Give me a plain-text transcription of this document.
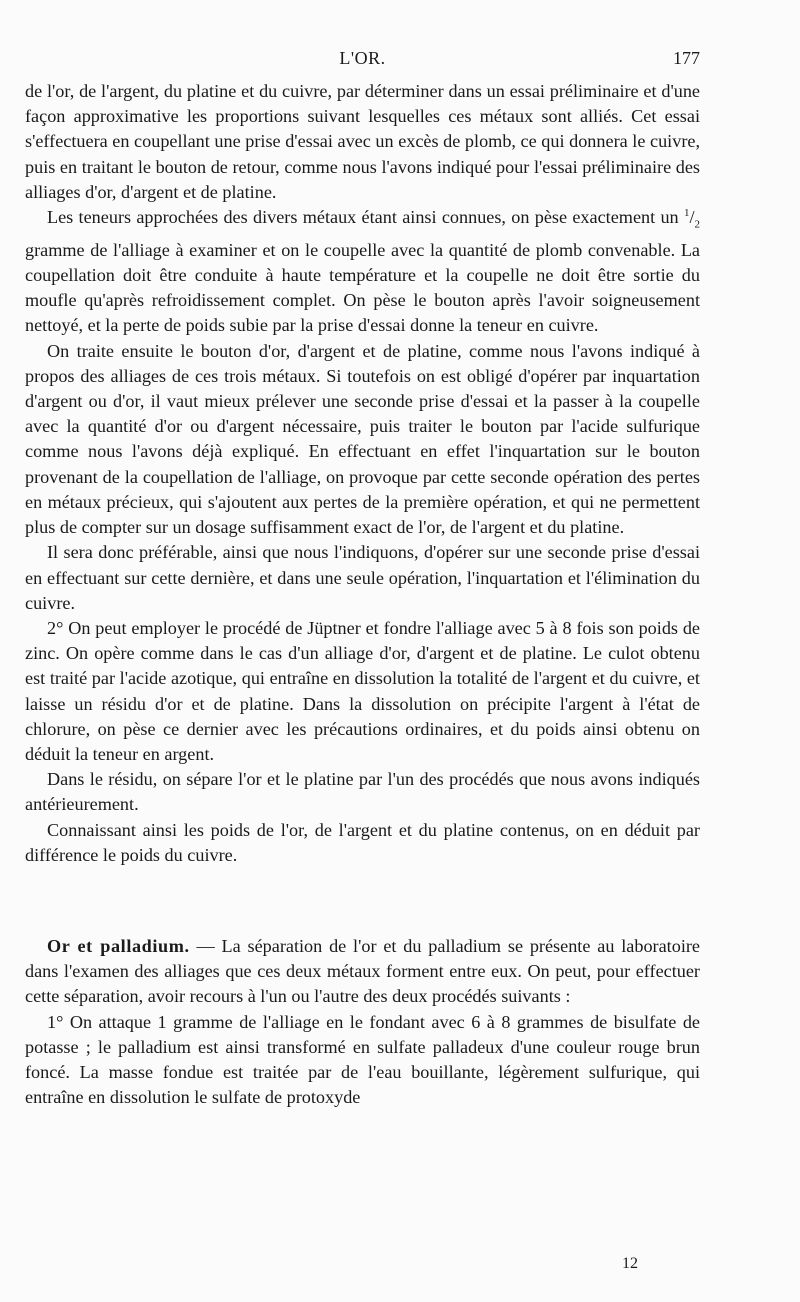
L'OR.	177

de l'or, de l'argent, du platine et du cuivre, par déterminer dans un essai préliminaire et d'une façon approximative les proportions suivant lesquelles ces métaux sont alliés. Cet essai s'effectuera en coupellant une prise d'essai avec un excès de plomb, ce qui donnera le cuivre, puis en traitant le bouton de retour, comme nous l'avons indiqué pour l'essai préliminaire des alliages d'or, d'argent et de platine.

Les teneurs approchées des divers métaux étant ainsi connues, on pèse exactement un $^1/_2$ gramme de l'alliage à examiner et on le coupelle avec la quantité de plomb convenable. La coupellation doit être conduite à haute température et la coupelle ne doit être sortie du moufle qu'après refroidissement complet. On pèse le bouton après l'avoir soigneusement nettoyé, et la perte de poids subie par la prise d'essai donne la teneur en cuivre.

On traite ensuite le bouton d'or, d'argent et de platine, comme nous l'avons indiqué à propos des alliages de ces trois métaux. Si toutefois on est obligé d'opérer par inquartation d'argent ou d'or, il vaut mieux prélever une seconde prise d'essai et la passer à la coupelle avec la quantité d'or ou d'argent nécessaire, puis traiter le bouton par l'acide sulfurique comme nous l'avons déjà expliqué. En effectuant en effet l'inquartation sur le bouton provenant de la coupellation de l'alliage, on provoque par cette seconde opération des pertes en métaux précieux, qui s'ajoutent aux pertes de la première opération, et qui ne permettent plus de compter sur un dosage suffisamment exact de l'or, de l'argent et du platine.

Il sera donc préférable, ainsi que nous l'indiquons, d'opérer sur une seconde prise d'essai en effectuant sur cette dernière, et dans une seule opération, l'inquartation et l'élimination du cuivre.

2° On peut employer le procédé de Jüptner et fondre l'alliage avec 5 à 8 fois son poids de zinc. On opère comme dans le cas d'un alliage d'or, d'argent et de platine. Le culot obtenu est traité par l'acide azotique, qui entraîne en dissolution la totalité de l'argent et du cuivre, et laisse un résidu d'or et de platine. Dans la dissolution on précipite l'argent à l'état de chlorure, on pèse ce dernier avec les précautions ordinaires, et du poids ainsi obtenu on déduit la teneur en argent.

Dans le résidu, on sépare l'or et le platine par l'un des procédés que nous avons indiqués antérieurement.

Connaissant ainsi les poids de l'or, de l'argent et du platine contenus, on en déduit par différence le poids du cuivre.

Or et palladium. — La séparation de l'or et du palladium se présente au laboratoire dans l'examen des alliages que ces deux métaux forment entre eux. On peut, pour effectuer cette séparation, avoir recours à l'un ou l'autre des deux procédés suivants :

1° On attaque 1 gramme de l'alliage en le fondant avec 6 à 8 grammes de bisulfate de potasse ; le palladium est ainsi transformé en sulfate palladeux d'une couleur rouge brun foncé. La masse fondue est traitée par de l'eau bouillante, légèrement sulfurique, qui entraîne en dissolution le sulfate de protoxyde

12
